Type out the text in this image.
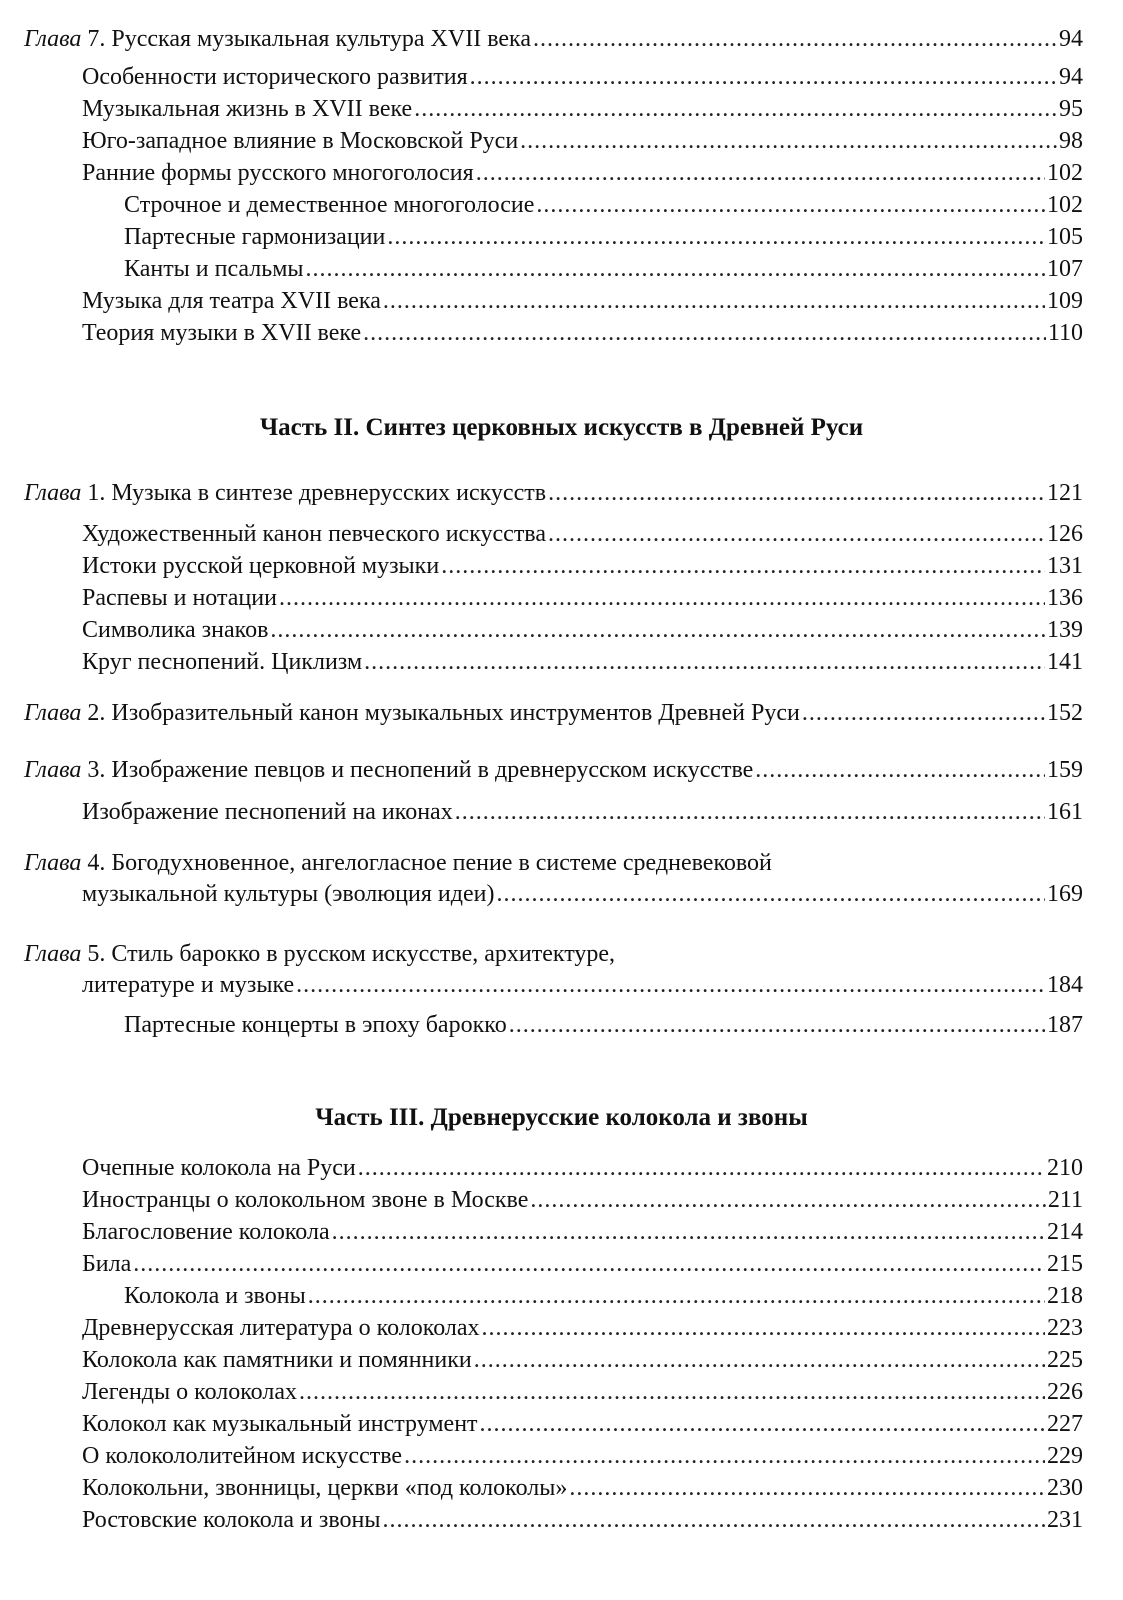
Глава 7. Русская музыкальная культура XVII века .....	94
Особенности исторического развития .....	94
Музыкальная жизнь в XVII веке .....	95
Юго-западное влияние в Московской Руси .....	98
Ранние формы русского многоголосия .....	102
Строчное и демественное многоголосие .....	102
Партесные гармонизации .....	105
Канты и псальмы .....	107
Музыка для театра XVII века .....	109
Теория музыки в XVII веке .....	110
Часть II. Синтез церковных искусств в Древней Руси
Глава 1. Музыка в синтезе древнерусских искусств .....	121
Художественный канон певческого искусства .....	126
Истоки русской церковной музыки .....	131
Распевы и нотации .....	136
Символика знаков .....	139
Круг песнопений. Циклизм .....	141
Глава 2. Изобразительный канон музыкальных инструментов Древней Руси .....	152
Глава 3. Изображение певцов и песнопений в древнерусском искусстве .....	159
Изображение песнопений на иконах .....	161
Глава 4. Богодухновенное, ангелогласное пение в системе средневековой
музыкальной культуры (эволюция идеи) .....	169
Глава 5. Стиль барокко в русском искусстве, архитектуре,
литературе и музыке .....	184
Партесные концерты в эпоху барокко .....	187
Часть III. Древнерусские колокола и звоны
Очепные колокола на Руси .....	210
Иностранцы о колокольном звоне в Москве .....	211
Благословение колокола .....	214
Била .....	215
Колокола и звоны .....	218
Древнерусская литература о колоколах .....	223
Колокола как памятники и помянники .....	225
Легенды о колоколах .....	226
Колокол как музыкальный инструмент .....	227
О колокололитейном искусстве .....	229
Колокольни, звонницы, церкви «под колоколы» .....	230
Ростовские колокола и звоны .....	231
